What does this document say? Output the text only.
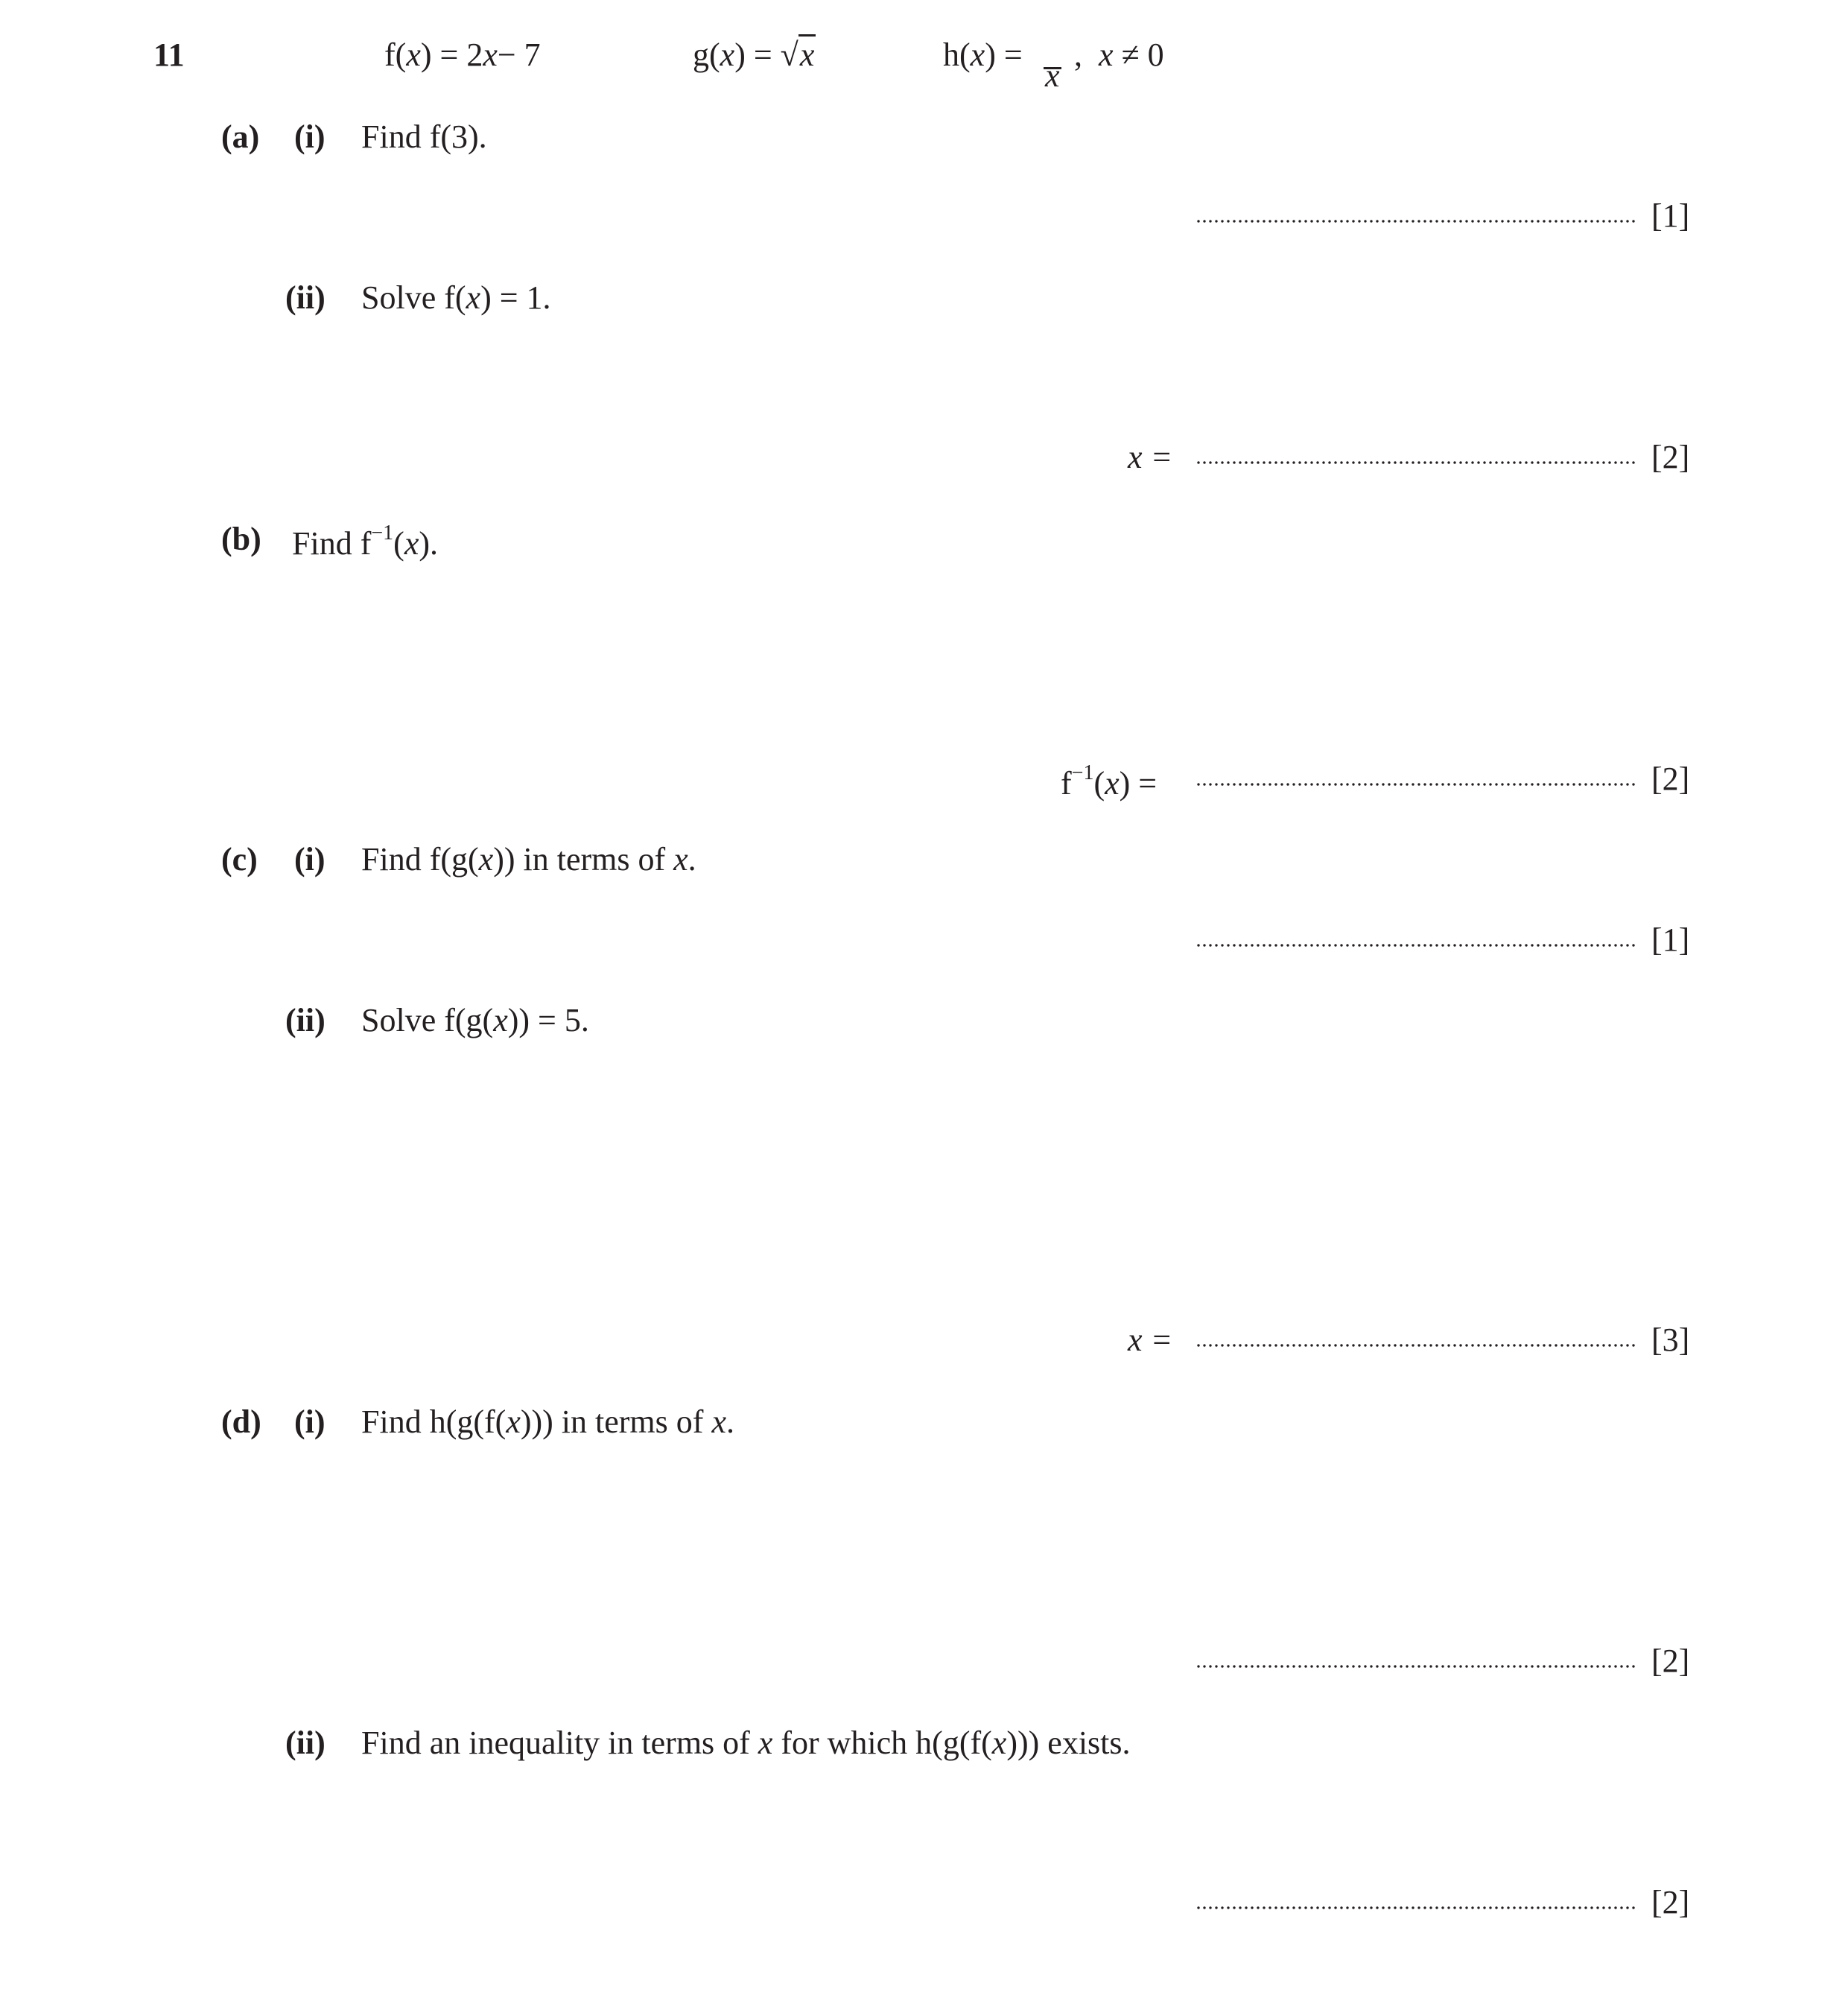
11	f(x) = 2x− 7	g(x) = √x	h(x) =
x
, x ≠ 0
(a) (i) Find f(3).
[1]
(ii) Solve f(x) = 1.
x =	[2]
(b) Find $f^{-1}(x)$.
$f^{-1}(x)$ =	[2]
(c) (i) Find f(g(x)) in terms of x.
[1]
(ii) Solve f(g(x)) = 5.
x =	[3]
(d) (i) Find h(g(f(x))) in terms of x.
[2]
(ii) Find an inequality in terms of x for which h(g(f(x))) exists.
[2]
